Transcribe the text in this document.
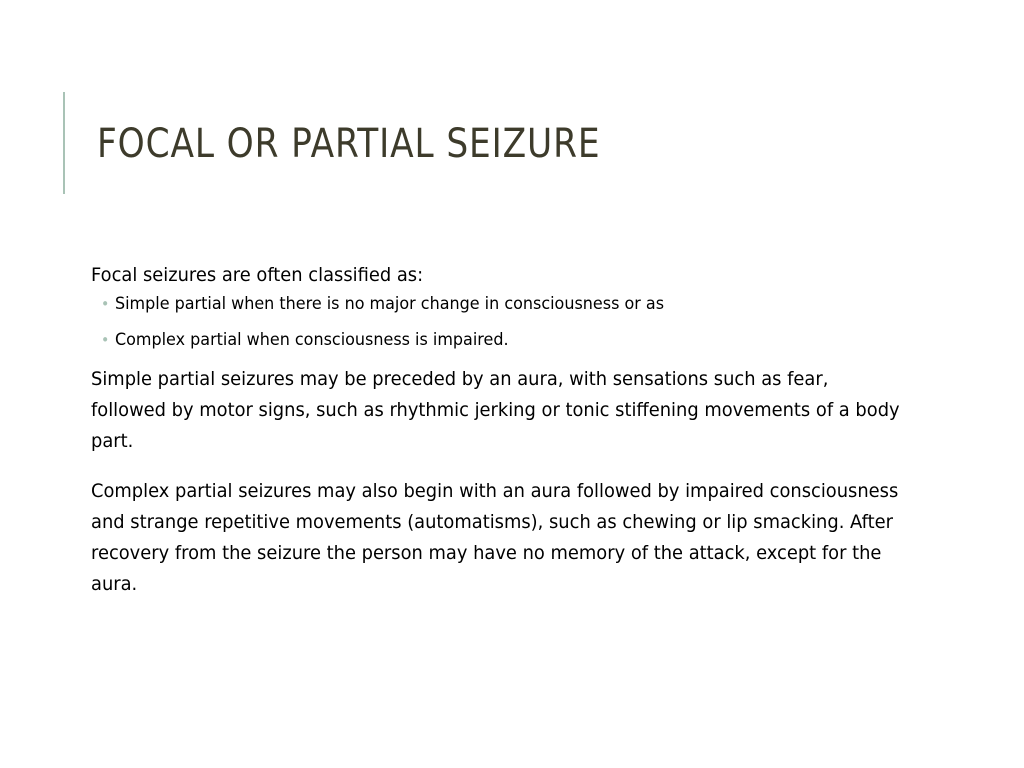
FOCAL OR PARTIAL SEIZURE

Focal seizures are often classified as:

• Simple partial when there is no major change in consciousness or as
• Complex partial when consciousness is impaired.

Simple partial seizures may be preceded by an aura, with sensations such as fear, followed by motor signs, such as rhythmic jerking or tonic stiffening movements of a body part.

Complex partial seizures may also begin with an aura followed by impaired consciousness and strange repetitive movements (automatisms), such as chewing or lip smacking. After recovery from the seizure the person may have no memory of the attack, except for the aura.
